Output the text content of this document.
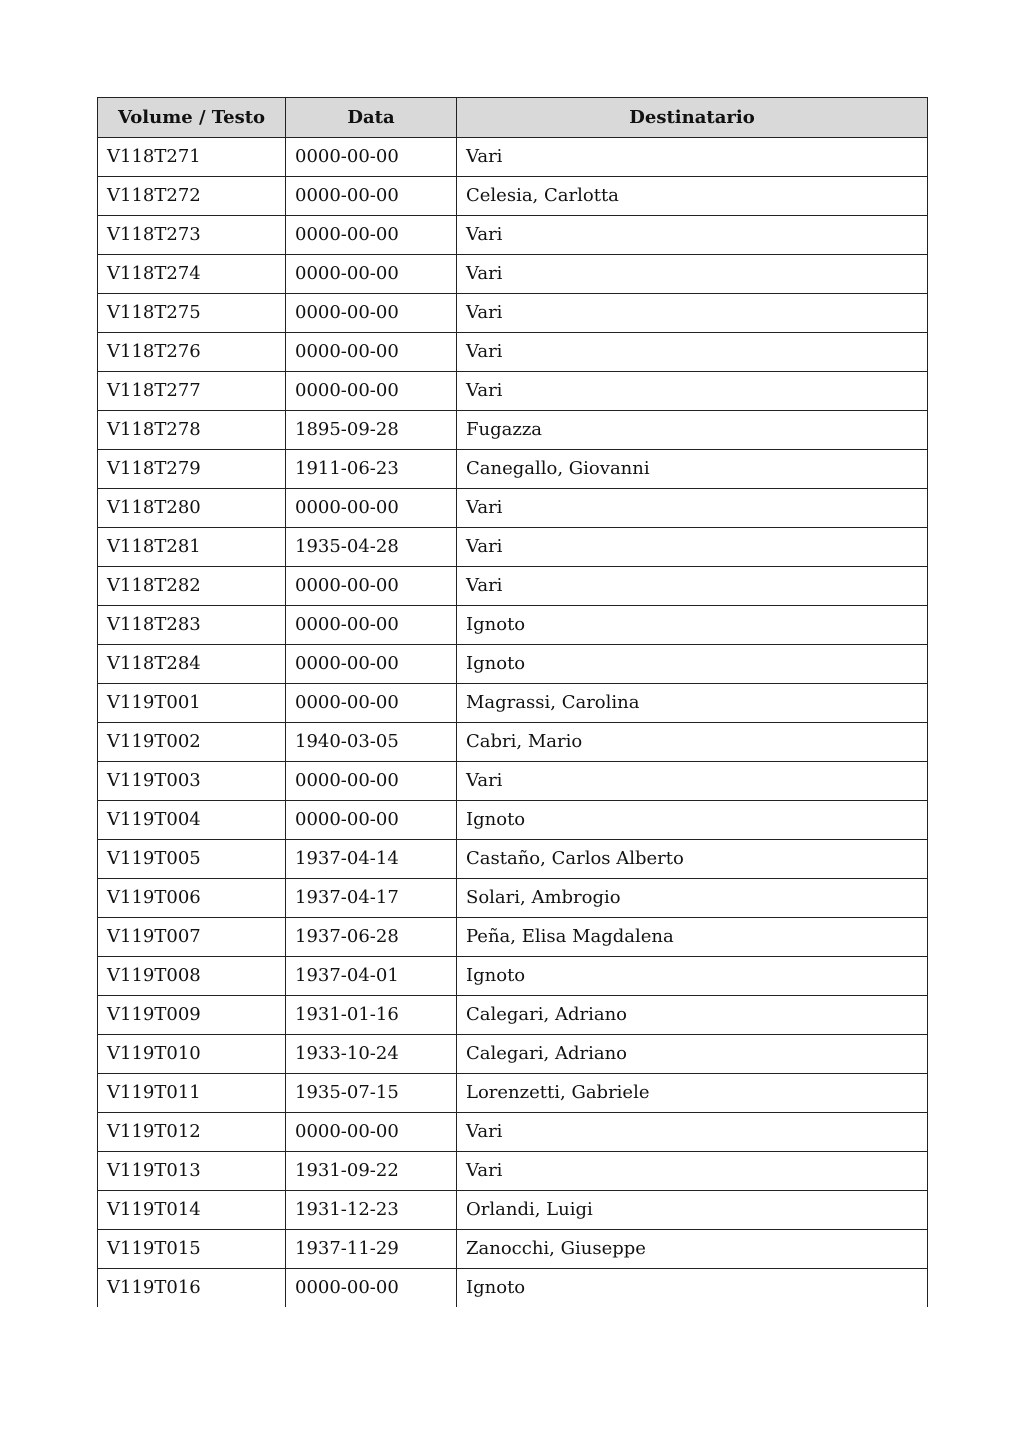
Volume / Testo	Data	Destinatario
V118T271	0000-00-00	Vari
V118T272	0000-00-00	Celesia, Carlotta
V118T273	0000-00-00	Vari
V118T274	0000-00-00	Vari
V118T275	0000-00-00	Vari
V118T276	0000-00-00	Vari
V118T277	0000-00-00	Vari
V118T278	1895-09-28	Fugazza
V118T279	1911-06-23	Canegallo, Giovanni
V118T280	0000-00-00	Vari
V118T281	1935-04-28	Vari
V118T282	0000-00-00	Vari
V118T283	0000-00-00	Ignoto
V118T284	0000-00-00	Ignoto
V119T001	0000-00-00	Magrassi, Carolina
V119T002	1940-03-05	Cabri, Mario
V119T003	0000-00-00	Vari
V119T004	0000-00-00	Ignoto
V119T005	1937-04-14	Castaño, Carlos Alberto
V119T006	1937-04-17	Solari, Ambrogio
V119T007	1937-06-28	Peña, Elisa Magdalena
V119T008	1937-04-01	Ignoto
V119T009	1931-01-16	Calegari, Adriano
V119T010	1933-10-24	Calegari, Adriano
V119T011	1935-07-15	Lorenzetti, Gabriele
V119T012	0000-00-00	Vari
V119T013	1931-09-22	Vari
V119T014	1931-12-23	Orlandi, Luigi
V119T015	1937-11-29	Zanocchi, Giuseppe
V119T016	0000-00-00	Ignoto
